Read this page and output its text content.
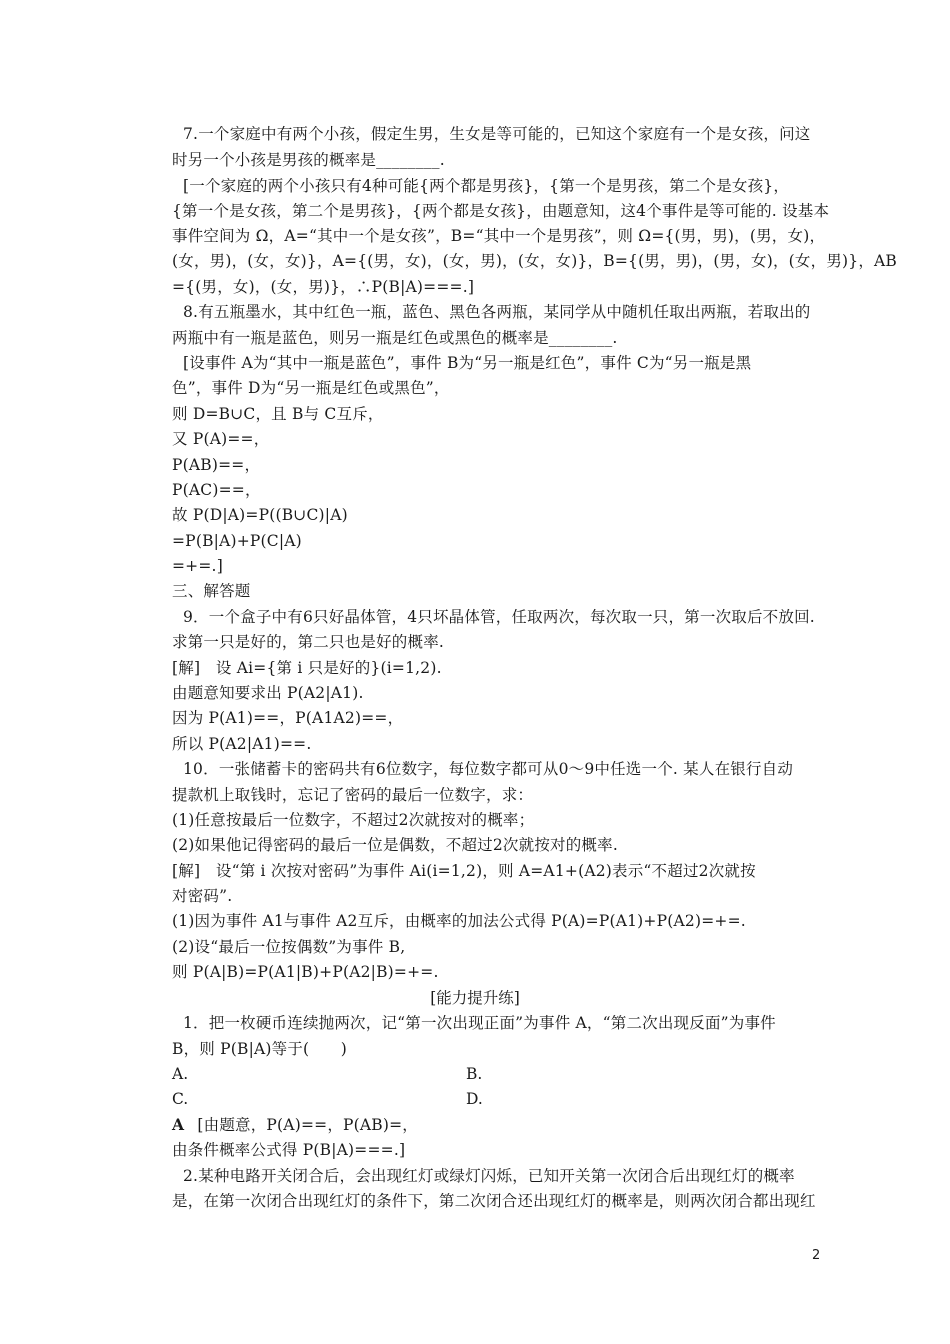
7.一个家庭中有两个小孩，假定生男，生女是等可能的，已知这个家庭有一个是女孩，问这
时另一个小孩是男孩的概率是________.
[一个家庭的两个小孩只有4种可能{两个都是男孩}，{第一个是男孩，第二个是女孩}，
{第一个是女孩，第二个是男孩}，{两个都是女孩}，由题意知，这4个事件是等可能的. 设基本
事件空间为 Ω，A=“其中一个是女孩”，B=“其中一个是男孩”，则 Ω={(男，男)，(男，女)，
(女，男)，(女，女)}，A={(男，女)，(女，男)，(女，女)}，B={(男，男)，(男，女)，(女，男)}，AB
={(男，女)，(女，男)}，∴P(B|A)===.]
8.有五瓶墨水，其中红色一瓶，蓝色、黑色各两瓶，某同学从中随机任取出两瓶，若取出的
两瓶中有一瓶是蓝色，则另一瓶是红色或黑色的概率是________.
[设事件 A为“其中一瓶是蓝色”，事件 B为“另一瓶是红色”，事件 C为“另一瓶是黑
色”，事件 D为“另一瓶是红色或黑色”，
则 D=B∪C，且 B与 C互斥，
又 P(A)==，
P(AB)==，
P(AC)==，
故 P(D|A)=P((B∪C)|A)
=P(B|A)+P(C|A)
=+=.]
三、解答题
9．一个盒子中有6只好晶体管，4只坏晶体管，任取两次，每次取一只，第一次取后不放回.
求第一只是好的，第二只也是好的概率.
[解]　设 Ai={第 i 只是好的}(i=1,2).
由题意知要求出 P(A2|A1).
因为 P(A1)==，P(A1A2)==，
所以 P(A2|A1)==.
10．一张储蓄卡的密码共有6位数字，每位数字都可从0～9中任选一个. 某人在银行自动
提款机上取钱时，忘记了密码的最后一位数字，求：
(1)任意按最后一位数字，不超过2次就按对的概率；
(2)如果他记得密码的最后一位是偶数，不超过2次就按对的概率.
[解]　设“第 i 次按对密码”为事件 Ai(i=1,2)，则 A=A1+(A2)表示“不超过2次就按
对密码”.
(1)因为事件 A1与事件 A2互斥，由概率的加法公式得 P(A)=P(A1)+P(A2)=+=.
(2)设“最后一位按偶数”为事件 B,
则 P(A|B)=P(A1|B)+P(A2|B)=+=.
[能力提升练]
1．把一枚硬币连续抛两次，记“第一次出现正面”为事件 A，“第二次出现反面”为事件
B，则 P(B|A)等于(　　)
A.	B.
C.	D.
A [由题意，P(A)==，P(AB)=，
由条件概率公式得 P(B|A)===.]
2.某种电路开关闭合后，会出现红灯或绿灯闪烁，已知开关第一次闭合后出现红灯的概率
是，在第一次闭合出现红灯的条件下，第二次闭合还出现红灯的概率是，则两次闭合都出现红
2
